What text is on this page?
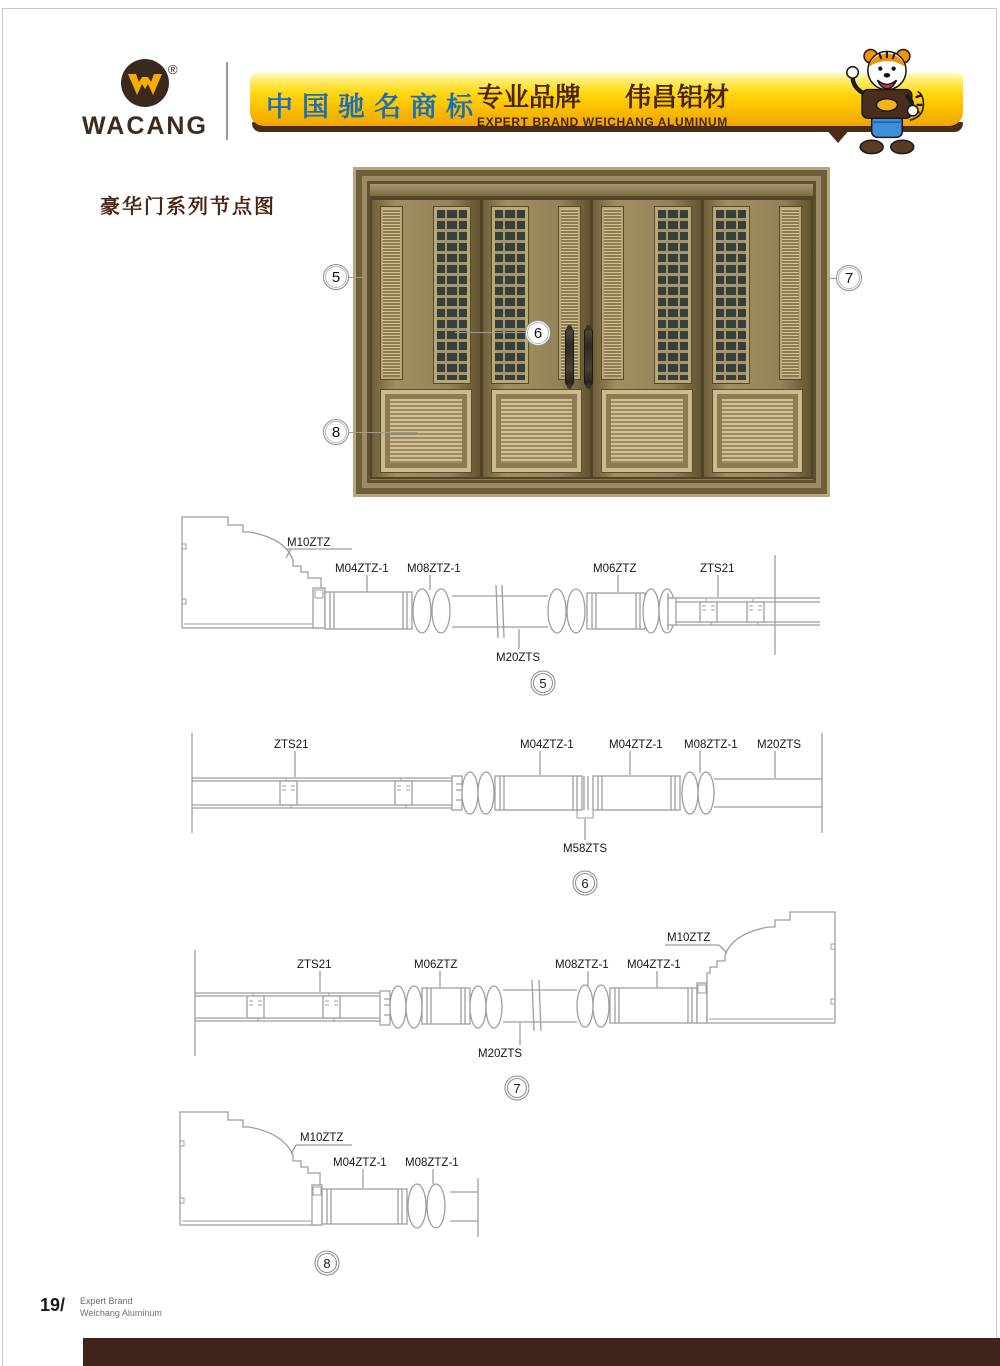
WACANG
®
中国驰名商标
专业品牌 伟昌铝材
EXPERT BRAND WEICHANG ALUMINUM
豪华门系列节点图
5
6
7
8
M10ZTZ
M04ZTZ-1 M08ZTZ-1	M06ZTZ	ZTS21
M20ZTS
5
ZTS21	M04ZTZ-1	M04ZTZ-1 M08ZTZ-1 M20ZTS
M58ZTS
6
ZTS21	M06ZTZ	M08ZTZ-1 M04ZTZ-1
M10ZTZ
M20ZTS
7
M10ZTZ
M04ZTZ-1 M08ZTZ-1
8
19/ Expert Brand
Weichang Aluminum
